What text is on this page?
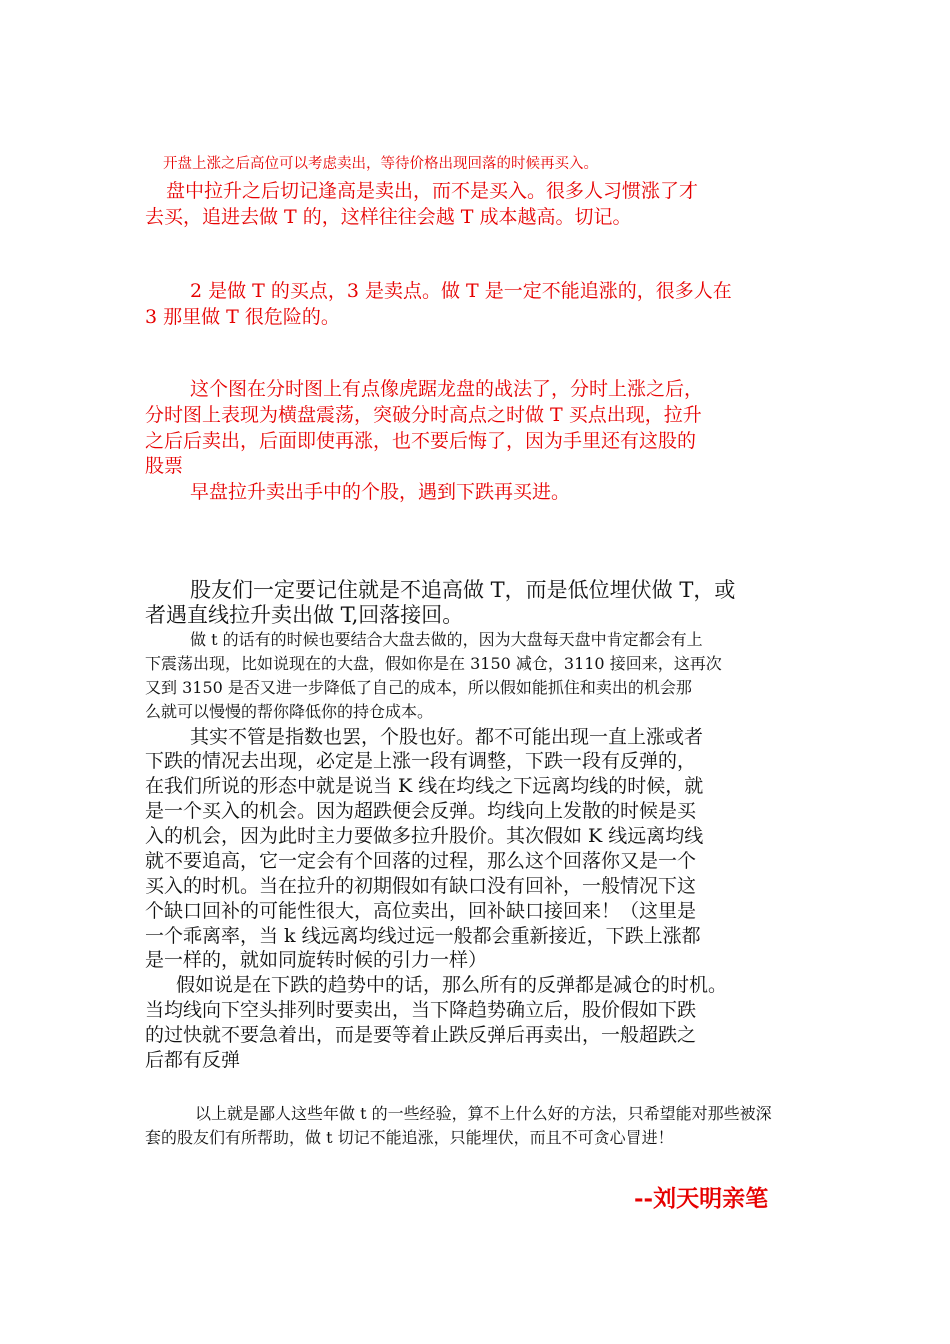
开盘上涨之后高位可以考虑卖出，等待价格出现回落的时候再买入。

盘中拉升之后切记逢高是卖出，而不是买入。很多人习惯涨了才

去买，追进去做 T 的，这样往往会越 T 成本越高。切记。

2 是做 T 的买点，3 是卖点。做 T 是一定不能追涨的，很多人在

3 那里做 T 很危险的。

这个图在分时图上有点像虎踞龙盘的战法了，分时上涨之后，

分时图上表现为横盘震荡，突破分时高点之时做 T 买点出现，拉升

之后后卖出，后面即使再涨，也不要后悔了，因为手里还有这股的

股票

早盘拉升卖出手中的个股，遇到下跌再买进。

股友们一定要记住就是不追高做 T，而是低位埋伏做 T，或

者遇直线拉升卖出做 T,回落接回。

做 t 的话有的时候也要结合大盘去做的，因为大盘每天盘中肯定都会有上

下震荡出现，比如说现在的大盘，假如你是在 3150 减仓，3110 接回来，这再次

又到 3150 是否又进一步降低了自己的成本，所以假如能抓住和卖出的机会那

么就可以慢慢的帮你降低你的持仓成本。

其实不管是指数也罢，个股也好。都不可能出现一直上涨或者

下跌的情况去出现，必定是上涨一段有调整，下跌一段有反弹的，

在我们所说的形态中就是说当 K 线在均线之下远离均线的时候，就

是一个买入的机会。因为超跌便会反弹。均线向上发散的时候是买

入的机会，因为此时主力要做多拉升股价。其次假如 K 线远离均线

就不要追高，它一定会有个回落的过程，那么这个回落你又是一个

买入的时机。当在拉升的初期假如有缺口没有回补，一般情况下这

个缺口回补的可能性很大，高位卖出，回补缺口接回来！（这里是

一个乖离率，当 k 线远离均线过远一般都会重新接近，下跌上涨都

是一样的，就如同旋转时候的引力一样）

假如说是在下跌的趋势中的话，那么所有的反弹都是减仓的时机。

当均线向下空头排列时要卖出，当下降趋势确立后，股价假如下跌

的过快就不要急着出，而是要等着止跌反弹后再卖出，一般超跌之

后都有反弹

以上就是鄙人这些年做 t 的一些经验，算不上什么好的方法，只希望能对那些被深

套的股友们有所帮助，做 t 切记不能追涨，只能埋伏，而且不可贪心冒进！

--刘天明亲笔
